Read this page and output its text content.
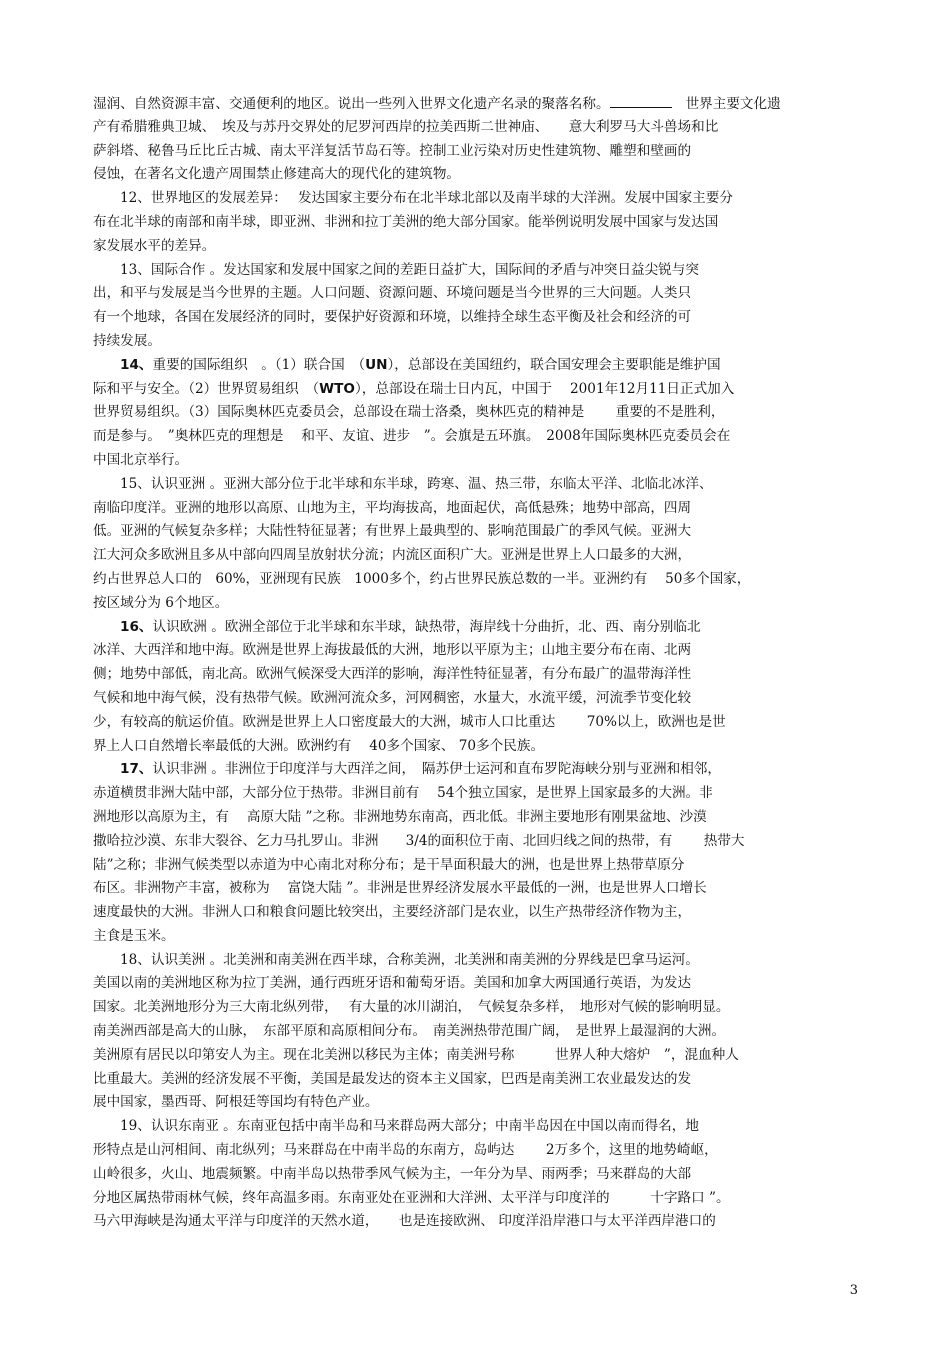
湿润、自然资源丰富、交通便利的地区。说出一些列入世界文化遗产名录的聚落名称。	世界主要文化遗
产有希腊雅典卫城、　埃及与苏丹交界处的尼罗河西岸的拉美西斯二世神庙、　　意大利罗马大斗兽场和比
萨斜塔、秘鲁马丘比丘古城、南太平洋复活节岛石等。控制工业污染对历史性建筑物、雕塑和壁画的
侵蚀，在著名文化遗产周围禁止修建高大的现代化的建筑物。
12、世界地区的发展差异：　 发达国家主要分布在北半球北部以及南半球的大洋洲。发展中国家主要分
布在北半球的南部和南半球，即亚洲、非洲和拉丁美洲的绝大部分国家。能举例说明发展中国家与发达国
家发展水平的差异。
13、国际合作 。发达国家和发展中国家之间的差距日益扩大，国际间的矛盾与冲突日益尖锐与突
出，和平与发展是当今世界的主题。人口问题、资源问题、环境问题是当今世界的三大问题。人类只
有一个地球，各国在发展经济的同时，要保护好资源和环境，以维持全球生态平衡及社会和经济的可
持续发展。
14、重要的国际组织　。（1）联合国　（UN），总部设在美国纽约，联合国安理会主要职能是维护国
际和平与安全。（2）世界贸易组织　（WTO），总部设在瑞士日内瓦，中国于　 2001年12月11日正式加入
世界贸易组织。（3）国际奥林匹克委员会，总部设在瑞士洛桑，奥林匹克的精神是　　 重要的不是胜利，
而是参与。　”奥林匹克的理想是　 和平、友谊、进步　”。会旗是五环旗。　2008年国际奥林匹克委员会在
中国北京举行。
15、认识亚洲 。亚洲大部分位于北半球和东半球，跨寒、温、热三带，东临太平洋、北临北冰洋、
南临印度洋。亚洲的地形以高原、山地为主，平均海拔高，地面起伏，高低悬殊；地势中部高，四周
低。亚洲的气候复杂多样；大陆性特征显著；有世界上最典型的、影响范围最广的季风气候。亚洲大
江大河众多欧洲且多从中部向四周呈放射状分流；内流区面积广大。亚洲是世界上人口最多的大洲，
约占世界总人口的　60%，亚洲现有民族　1000多个，约占世界民族总数的一半。亚洲约有　 50多个国家，
按区域分为 6个地区。
16、认识欧洲 。欧洲全部位于北半球和东半球，缺热带，海岸线十分曲折，北、西、南分别临北
冰洋、大西洋和地中海。欧洲是世界上海拔最低的大洲，地形以平原为主；山地主要分布在南、北两
侧；地势中部低，南北高。欧洲气候深受大西洋的影响，海洋性特征显著，有分布最广的温带海洋性
气候和地中海气候，没有热带气候。欧洲河流众多，河网稠密，水量大，水流平缓，河流季节变化较
少，有较高的航运价值。欧洲是世界上人口密度最大的大洲，城市人口比重达　　 70%以上，欧洲也是世
界上人口自然增长率最低的大洲。欧洲约有　 40多个国家、 70多个民族。
17、认识非洲 。非洲位于印度洋与大西洋之间，　隔苏伊士运河和直布罗陀海峡分别与亚洲和相邻，
赤道横贯非洲大陆中部，大部分位于热带。非洲目前有　 54个独立国家，是世界上国家最多的大洲。非
洲地形以高原为主，有　 高原大陆 ”之称。非洲地势东南高，西北低。非洲主要地形有刚果盆地、沙漠
撒哈拉沙漠、东非大裂谷、乞力马扎罗山。非洲　　3/4的面积位于南、北回归线之间的热带，有　　 热带大
陆”之称；非洲气候类型以赤道为中心南北对称分布；是干旱面积最大的洲，也是世界上热带草原分
布区。非洲物产丰富，被称为　 富饶大陆 ”。非洲是世界经济发展水平最低的一洲，也是世界人口增长
速度最快的大洲。非洲人口和粮食问题比较突出，主要经济部门是农业，以生产热带经济作物为主，
主食是玉米。
18、认识美洲 。北美洲和南美洲在西半球，合称美洲，北美洲和南美洲的分界线是巴拿马运河。
美国以南的美洲地区称为拉丁美洲，通行西班牙语和葡萄牙语。美国和加拿大两国通行英语，为发达
国家。北美洲地形分为三大南北纵列带，　 有大量的冰川湖泊，　气候复杂多样，　地形对气候的影响明显。
南美洲西部是高大的山脉，　东部平原和高原相间分布。　南美洲热带范围广阔，　是世界上最湿润的大洲。
美洲原有居民以印第安人为主。现在北美洲以移民为主体；南美洲号称　　　世界人种大熔炉　”，混血种人
比重最大。美洲的经济发展不平衡，美国是最发达的资本主义国家，巴西是南美洲工农业最发达的发
展中国家，墨西哥、阿根廷等国均有特色产业。
19、认识东南亚 。东南亚包括中南半岛和马来群岛两大部分；中南半岛因在中国以南而得名，地
形特点是山河相间、南北纵列；马来群岛在中南半岛的东南方，岛屿达　　 2万多个，这里的地势崎岖，
山岭很多，火山、地震频繁。中南半岛以热带季风气候为主，一年分为旱、雨两季；马来群岛的大部
分地区属热带雨林气候，终年高温多雨。东南亚处在亚洲和大洋洲、太平洋与印度洋的　　　十字路口 ”。
马六甲海峡是沟通太平洋与印度洋的天然水道，　　也是连接欧洲、 印度洋沿岸港口与太平洋西岸港口的
3
